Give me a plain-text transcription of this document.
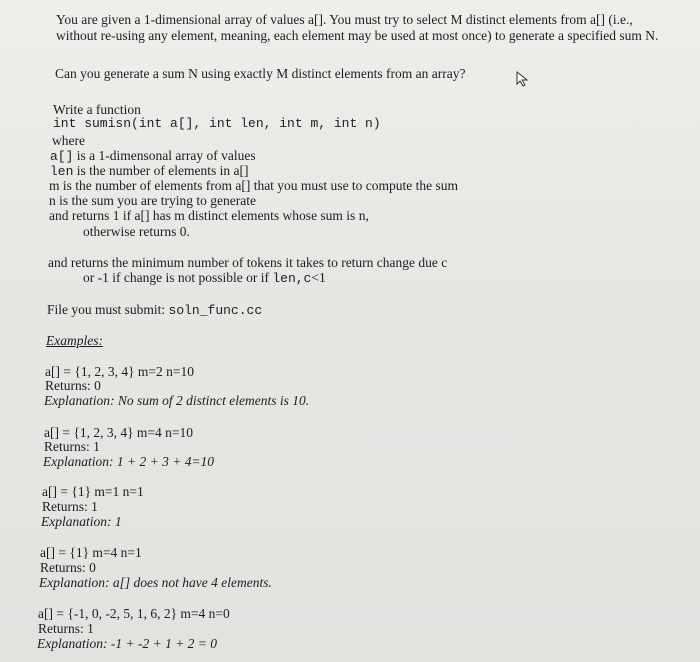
You are given a 1-dimensional array of values a[]. You must try to select M distinct elements from a[] (i.e.,
without re-using any element, meaning, each element may be used at most once) to generate a specified sum N.
Can you generate a sum N using exactly M distinct elements from an array?
Write a function
int sumisn(int a[], int len, int m, int n)
where
a[] is a 1-dimensonal array of values
len is the number of elements in a[]
m is the number of elements from a[] that you must use to compute the sum
n is the sum you are trying to generate
and returns 1 if a[] has m distinct elements whose sum is n,
otherwise returns 0.
and returns the minimum number of tokens it takes to return change due c
or -1 if change is not possible or if len,c<1
File you must submit: soln_func.cc
Examples:
a[] = {1, 2, 3, 4} m=2 n=10
Returns: 0
Explanation: No sum of 2 distinct elements is 10.
a[] = {1, 2, 3, 4} m=4 n=10
Returns: 1
Explanation: 1 + 2 + 3 + 4=10
a[] = {1} m=1 n=1
Returns: 1
Explanation: 1
a[] = {1} m=4 n=1
Returns: 0
Explanation: a[] does not have 4 elements.
a[] = {-1, 0, -2, 5, 1, 6, 2} m=4 n=0
Returns: 1
Explanation: -1 + -2 + 1 + 2 = 0
